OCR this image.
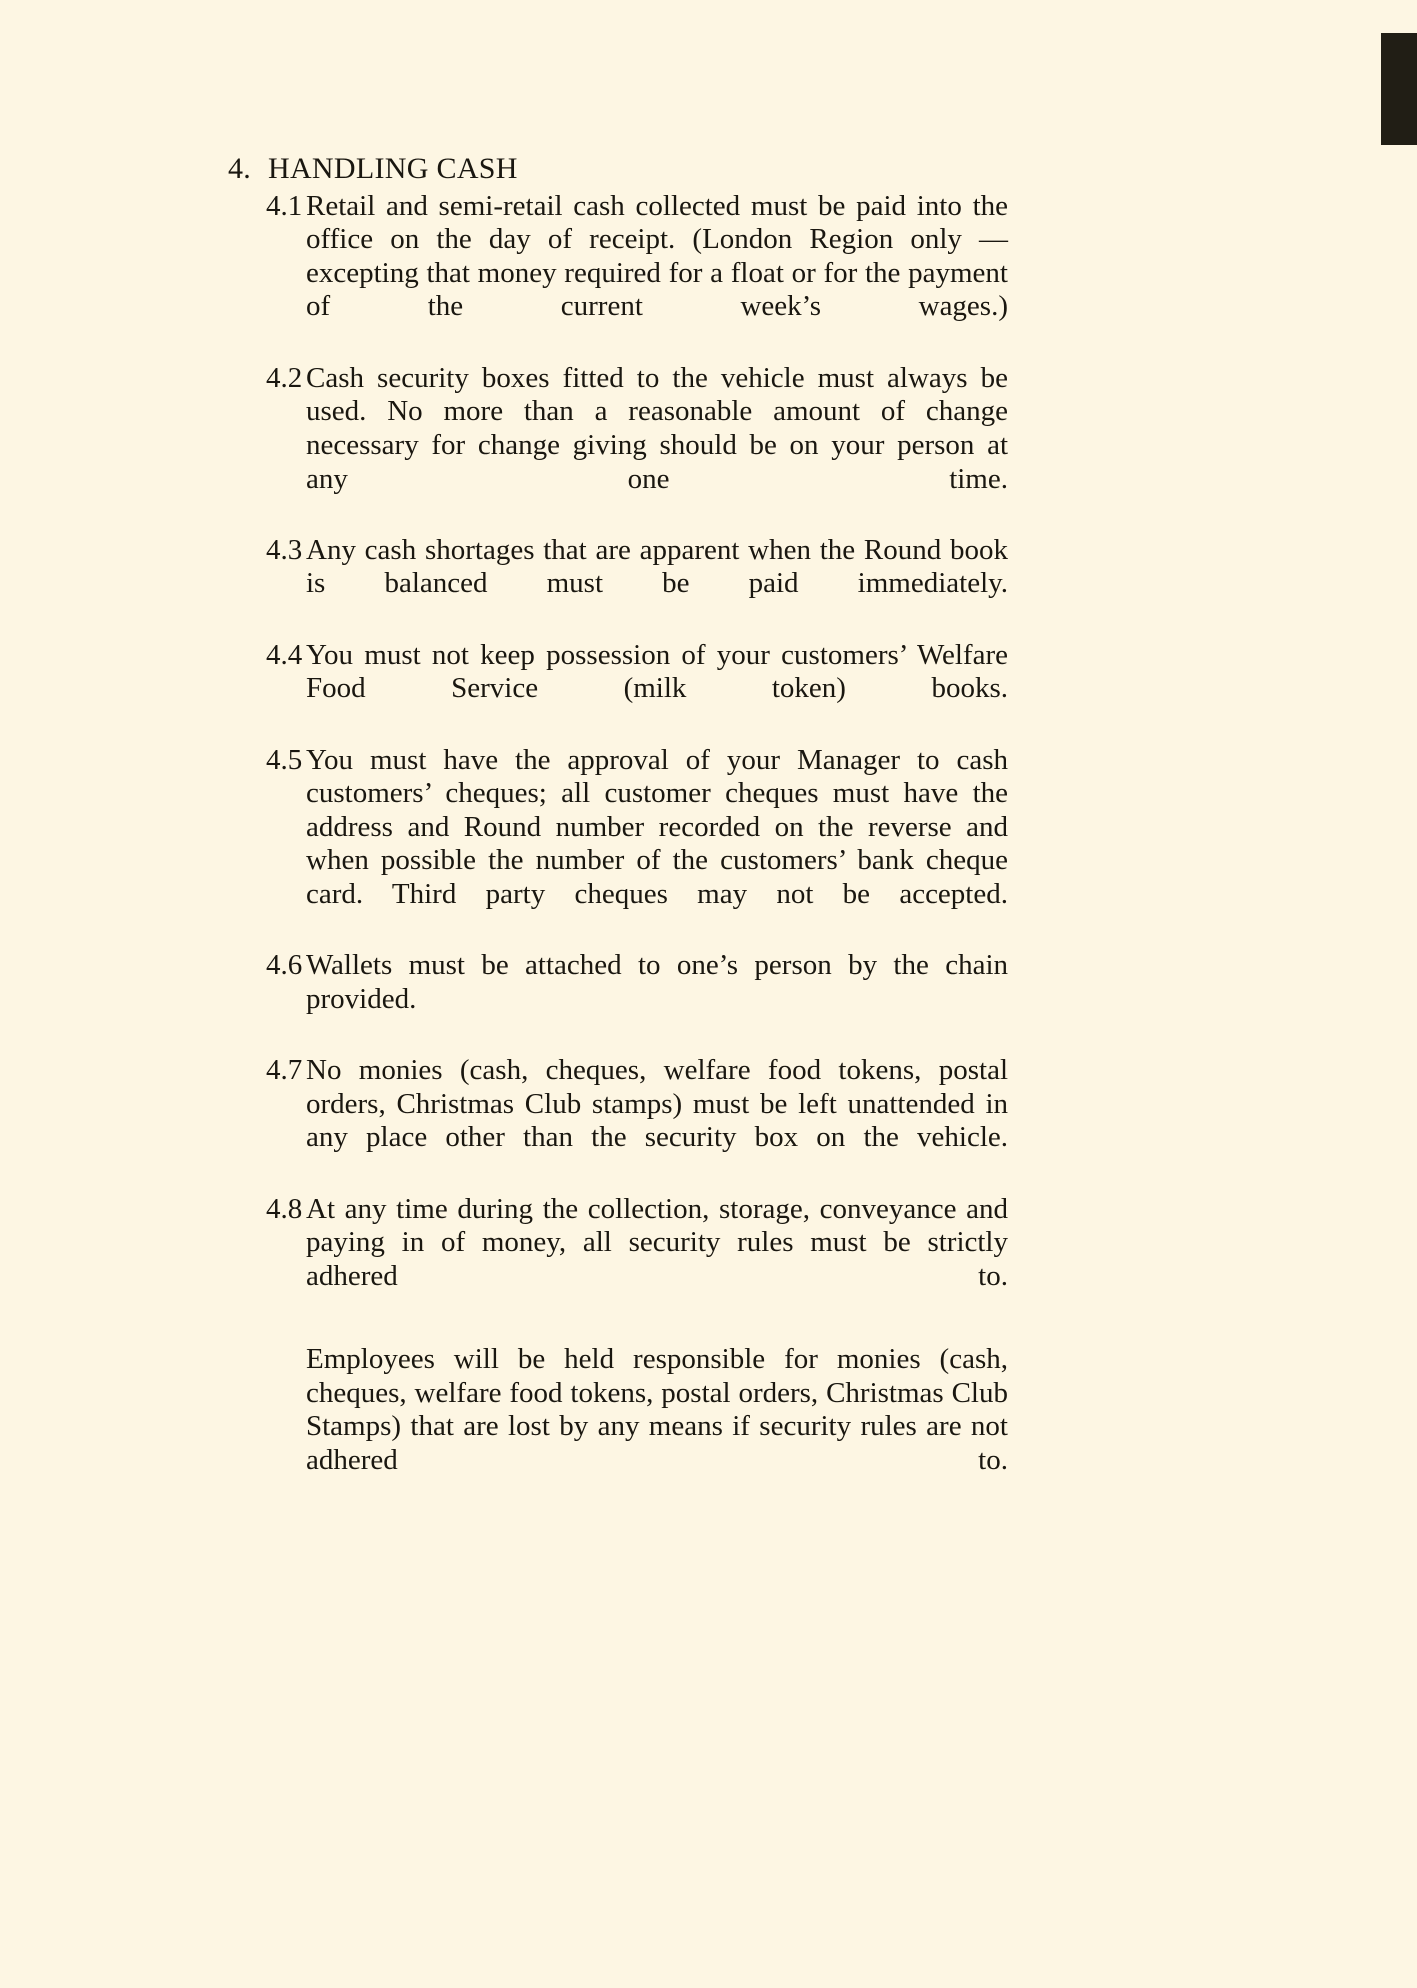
4. HANDLING CASH
4.1 Retail and semi-retail cash collected must be paid into the office on the day of receipt. (London Region only — excepting that money required for a float or for the payment of the current week’s wages.)

4.2 Cash security boxes fitted to the vehicle must always be used. No more than a reasonable amount of change necessary for change giving should be on your person at any one time.

4.3 Any cash shortages that are apparent when the Round book is balanced must be paid immediately.

4.4 You must not keep possession of your customers’ Welfare Food Service (milk token) books.

4.5 You must have the approval of your Manager to cash customers’ cheques; all customer cheques must have the address and Round number recorded on the reverse and when possible the number of the customers’ bank cheque card. Third party cheques may not be accepted.

4.6 Wallets must be attached to one’s person by the chain provided.

4.7 No monies (cash, cheques, welfare food tokens, postal orders, Christmas Club stamps) must be left unattended in any place other than the security box on the vehicle.

4.8 At any time during the collection, storage, conveyance and paying in of money, all security rules must be strictly adhered to.

Employees will be held responsible for monies (cash, cheques, welfare food tokens, postal orders, Christmas Club Stamps) that are lost by any means if security rules are not adhered to.
